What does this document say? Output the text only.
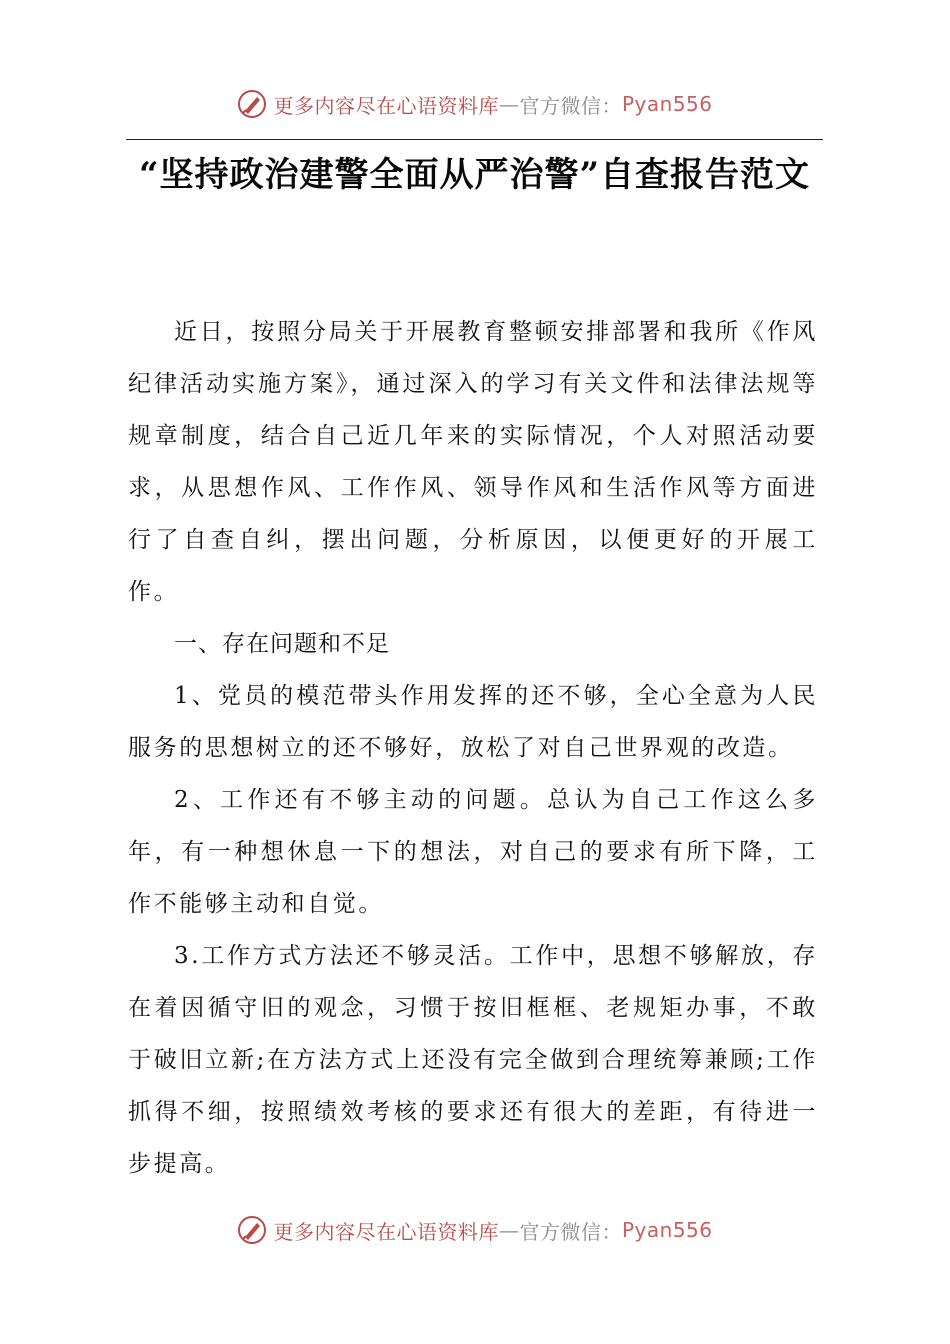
更多内容尽在心语资料库 — 官方微信： Pyan556
“坚持政治建警全面从严治警”自查报告范文

近日，按照分局关于开展教育整顿安排部署和我所《作风纪律活动实施方案》，通过深入的学习有关文件和法律法规等规章制度，结合自己近几年来的实际情况，个人对照活动要求，从思想作风、工作作风、领导作风和生活作风等方面进行了自查自纠，摆出问题，分析原因，以便更好的开展工作。

一、存在问题和不足

1、党员的模范带头作用发挥的还不够，全心全意为人民服务的思想树立的还不够好，放松了对自己世界观的改造。

2、工作还有不够主动的问题。总认为自己工作这么多年，有一种想休息一下的想法，对自己的要求有所下降，工作不能够主动和自觉。

3.工作方式方法还不够灵活。工作中，思想不够解放，存在着因循守旧的观念，习惯于按旧框框、老规矩办事，不敢于破旧立新;在方法方式上还没有完全做到合理统筹兼顾;工作抓得不细，按照绩效考核的要求还有很大的差距，有待进一步提高。

更多内容尽在心语资料库 — 官方微信： Pyan556
